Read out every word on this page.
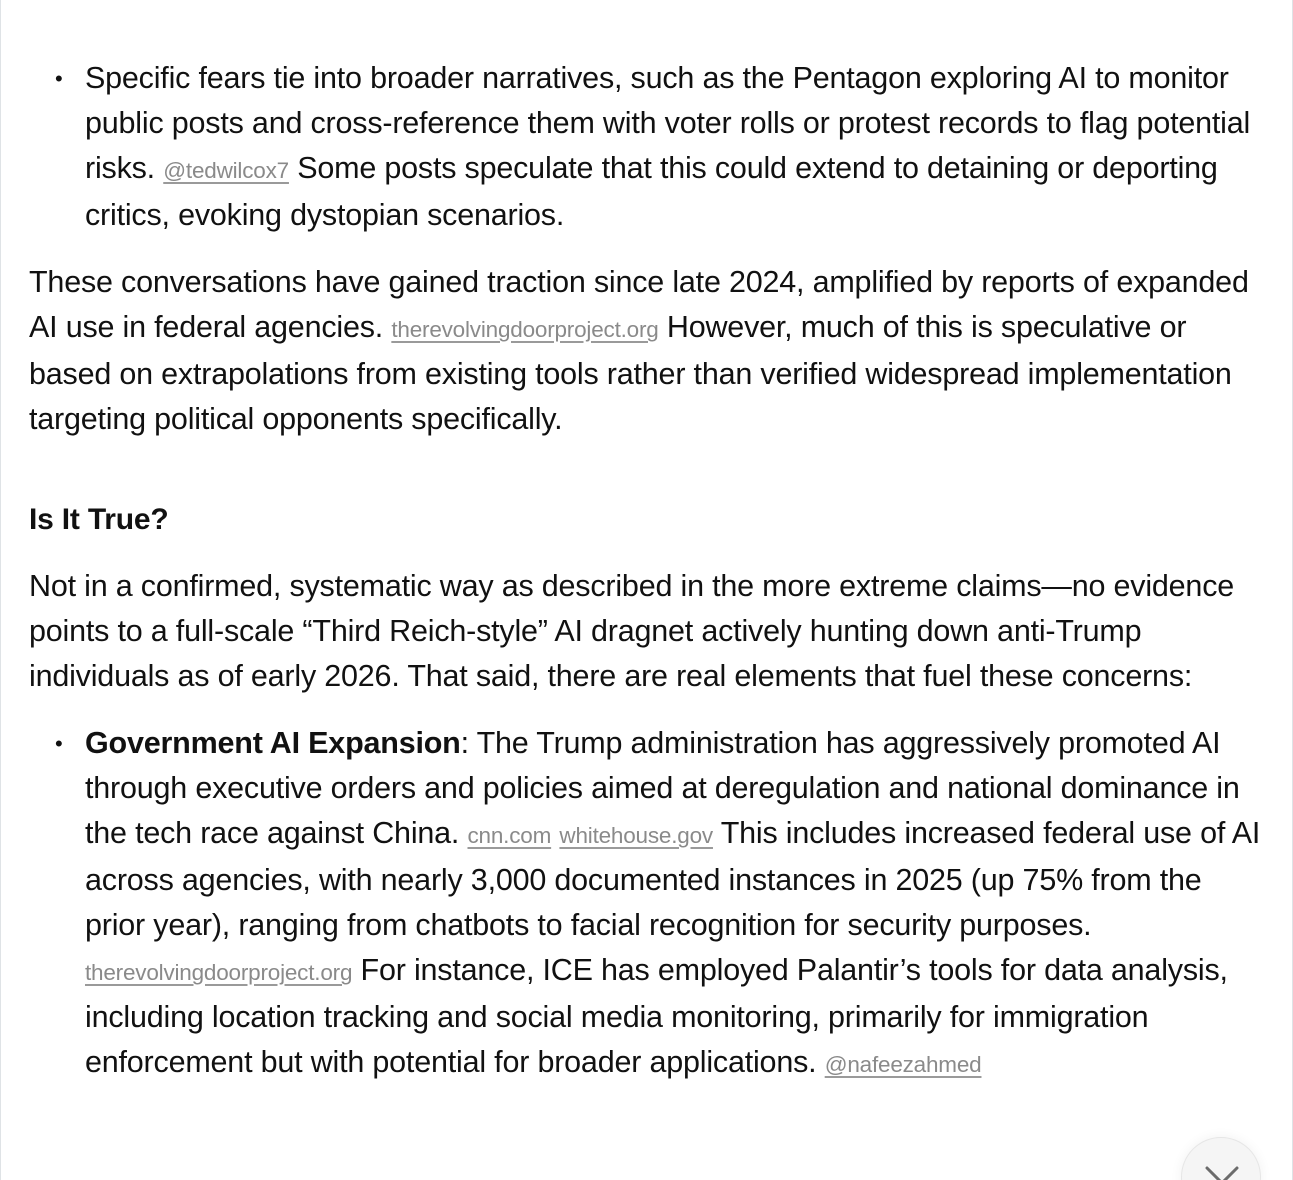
• Specific fears tie into broader narratives, such as the Pentagon exploring AI to monitor public posts and cross-reference them with voter rolls or protest records to flag potential risks. @tedwilcox7 Some posts speculate that this could extend to detaining or deporting critics, evoking dystopian scenarios.

These conversations have gained traction since late 2024, amplified by reports of expanded AI use in federal agencies. therevolvingdoorproject.org However, much of this is speculative or based on extrapolations from existing tools rather than verified widespread implementation targeting political opponents specifically.

Is It True?

Not in a confirmed, systematic way as described in the more extreme claims—no evidence points to a full-scale “Third Reich-style” AI dragnet actively hunting down anti-Trump individuals as of early 2026. That said, there are real elements that fuel these concerns:

• Government AI Expansion: The Trump administration has aggressively promoted AI through executive orders and policies aimed at deregulation and national dominance in the tech race against China. cnn.com whitehouse.gov This includes increased federal use of AI across agencies, with nearly 3,000 documented instances in 2025 (up 75% from the prior year), ranging from chatbots to facial recognition for security purposes. therevolvingdoorproject.org For instance, ICE has employed Palantir’s tools for data analysis, including location tracking and social media monitoring, primarily for immigration enforcement but with potential for broader applications. @nafeezahmed
